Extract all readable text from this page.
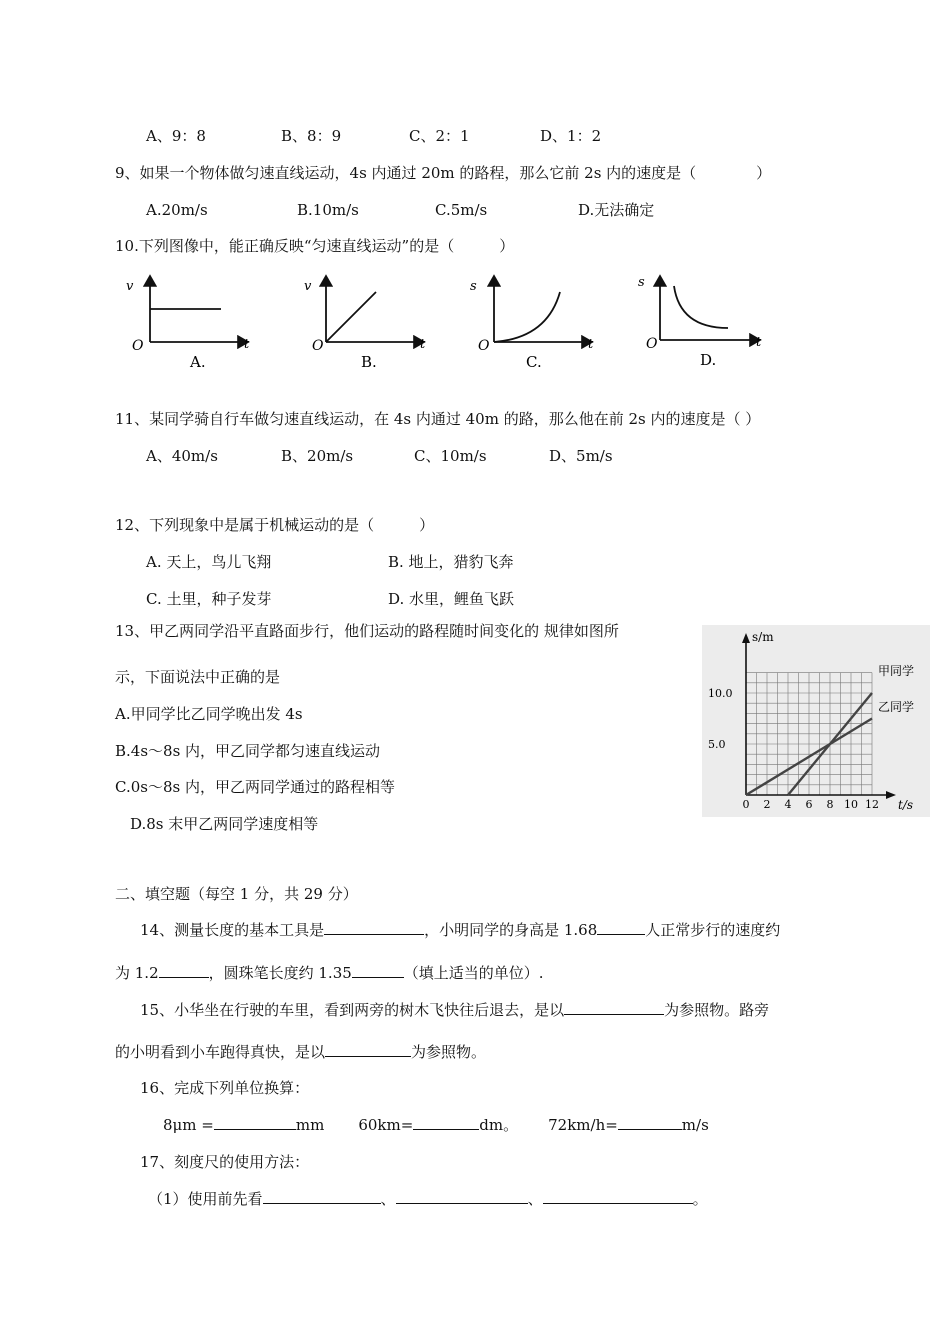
A、9：8	B、8：9	C、2：1	D、1：2
9、如果一个物体做匀速直线运动，4s 内通过 20m 的路程，那么它前 2s 内的速度是（　　　　）
A.20m/s	B.10m/s	C.5m/s	D.无法确定
10.下列图像中，能正确反映“匀速直线运动”的是（　　　）
v
O	t
A.
v
O	t
B.
s
O	t
C.
s
O	t
D.
11、某同学骑自行车做匀速直线运动，在 4s 内通过 40m 的路，那么他在前 2s 内的速度是（ ）
A、40m/s	B、20m/s	C、10m/s	D、5m/s
12、下列现象中是属于机械运动的是（　　　）
A. 天上，鸟儿飞翔	B. 地上，猎豹飞奔
C. 土里，种子发芽	D. 水里，鲤鱼飞跃
13、甲乙两同学沿平直路面步行，他们运动的路程随时间变化的 规律如图所
示，下面说法中正确的是
A.甲同学比乙同学晚出发 4s
B.4s～8s 内，甲乙同学都匀速直线运动
C.0s～8s 内，甲乙两同学通过的路程相等
D.8s 末甲乙两同学速度相等
0 2 4 6 8 10 12
5.0
10.0
s/m
t/s
甲同学
乙同学
二、填空题（每空 1 分，共 29 分）
14、测量长度的基本工具是	，小明同学的身高是 1.68	人正常步行的速度约
为 1.2	，圆珠笔长度约 1.35	（填上适当的单位）.
15、小华坐在行驶的车里，看到两旁的树木飞快往后退去，是以	为参照物。路旁
的小明看到小车跑得真快，是以	为参照物。
16、完成下列单位换算：
8μm =	mm 60km=	dm。 72km/h=	m/s
17、刻度尺的使用方法：
（1）使用前先看	、	、	。
